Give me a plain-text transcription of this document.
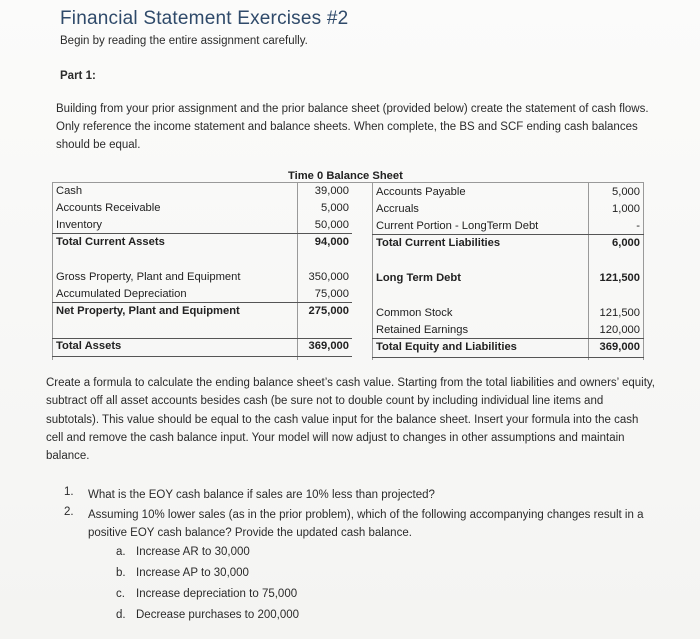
Financial Statement Exercises #2
Begin by reading the entire assignment carefully.
Part 1:
Building from your prior assignment and the prior balance sheet (provided below) create the statement of cash flows. Only reference the income statement and balance sheets. When complete, the BS and SCF ending cash balances should be equal.
Time 0 Balance Sheet
Cash	39,000
Accounts Receivable	5,000
Inventory	50,000
Total Current Assets	94,000
Gross Property, Plant and Equipment	350,000
Accumulated Depreciation	75,000
Net Property, Plant and Equipment	275,000
Total Assets	369,000
Accounts Payable	5,000
Accruals	1,000
Current Portion - LongTerm Debt	-
Total Current Liabilities	6,000
Long Term Debt	121,500
Common Stock	121,500
Retained Earnings	120,000
Total Equity and Liabilities	369,000
Create a formula to calculate the ending balance sheet’s cash value. Starting from the total liabilities and owners’ equity, subtract off all asset accounts besides cash (be sure not to double count by including individual line items and subtotals). This value should be equal to the cash value input for the balance sheet. Insert your formula into the cash cell and remove the cash balance input. Your model will now adjust to changes in other assumptions and maintain balance.
1.	What is the EOY cash balance if sales are 10% less than projected?
2.	Assuming 10% lower sales (as in the prior problem), which of the following accompanying changes result in a positive EOY cash balance? Provide the updated cash balance.
a. Increase AR to 30,000
b. Increase AP to 30,000
c. Increase depreciation to 75,000
d. Decrease purchases to 200,000
